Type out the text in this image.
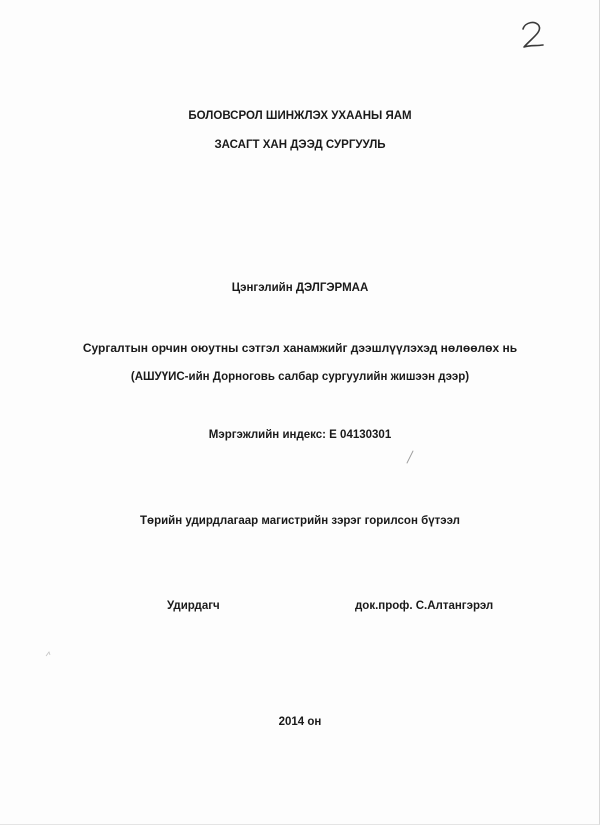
БОЛОВСРОЛ ШИНЖЛЭХ УХААНЫ ЯАМ
ЗАСАГТ ХАН ДЭЭД СУРГУУЛЬ
Цэнгэлийн ДЭЛГЭРМАА
Сургалтын орчин оюутны сэтгэл ханамжийг дээшлүүлэхэд нөлөөлөх нь
(АШУҮИС-ийн Дорноговь салбар сургуулийн жишээн дээр)
Мэргэжлийн индекс: E 04130301
Төрийн удирдлагаар магистрийн зэрэг горилсон бүтээл
Удирдагч	док.проф. С.Алтангэрэл
2014 он
